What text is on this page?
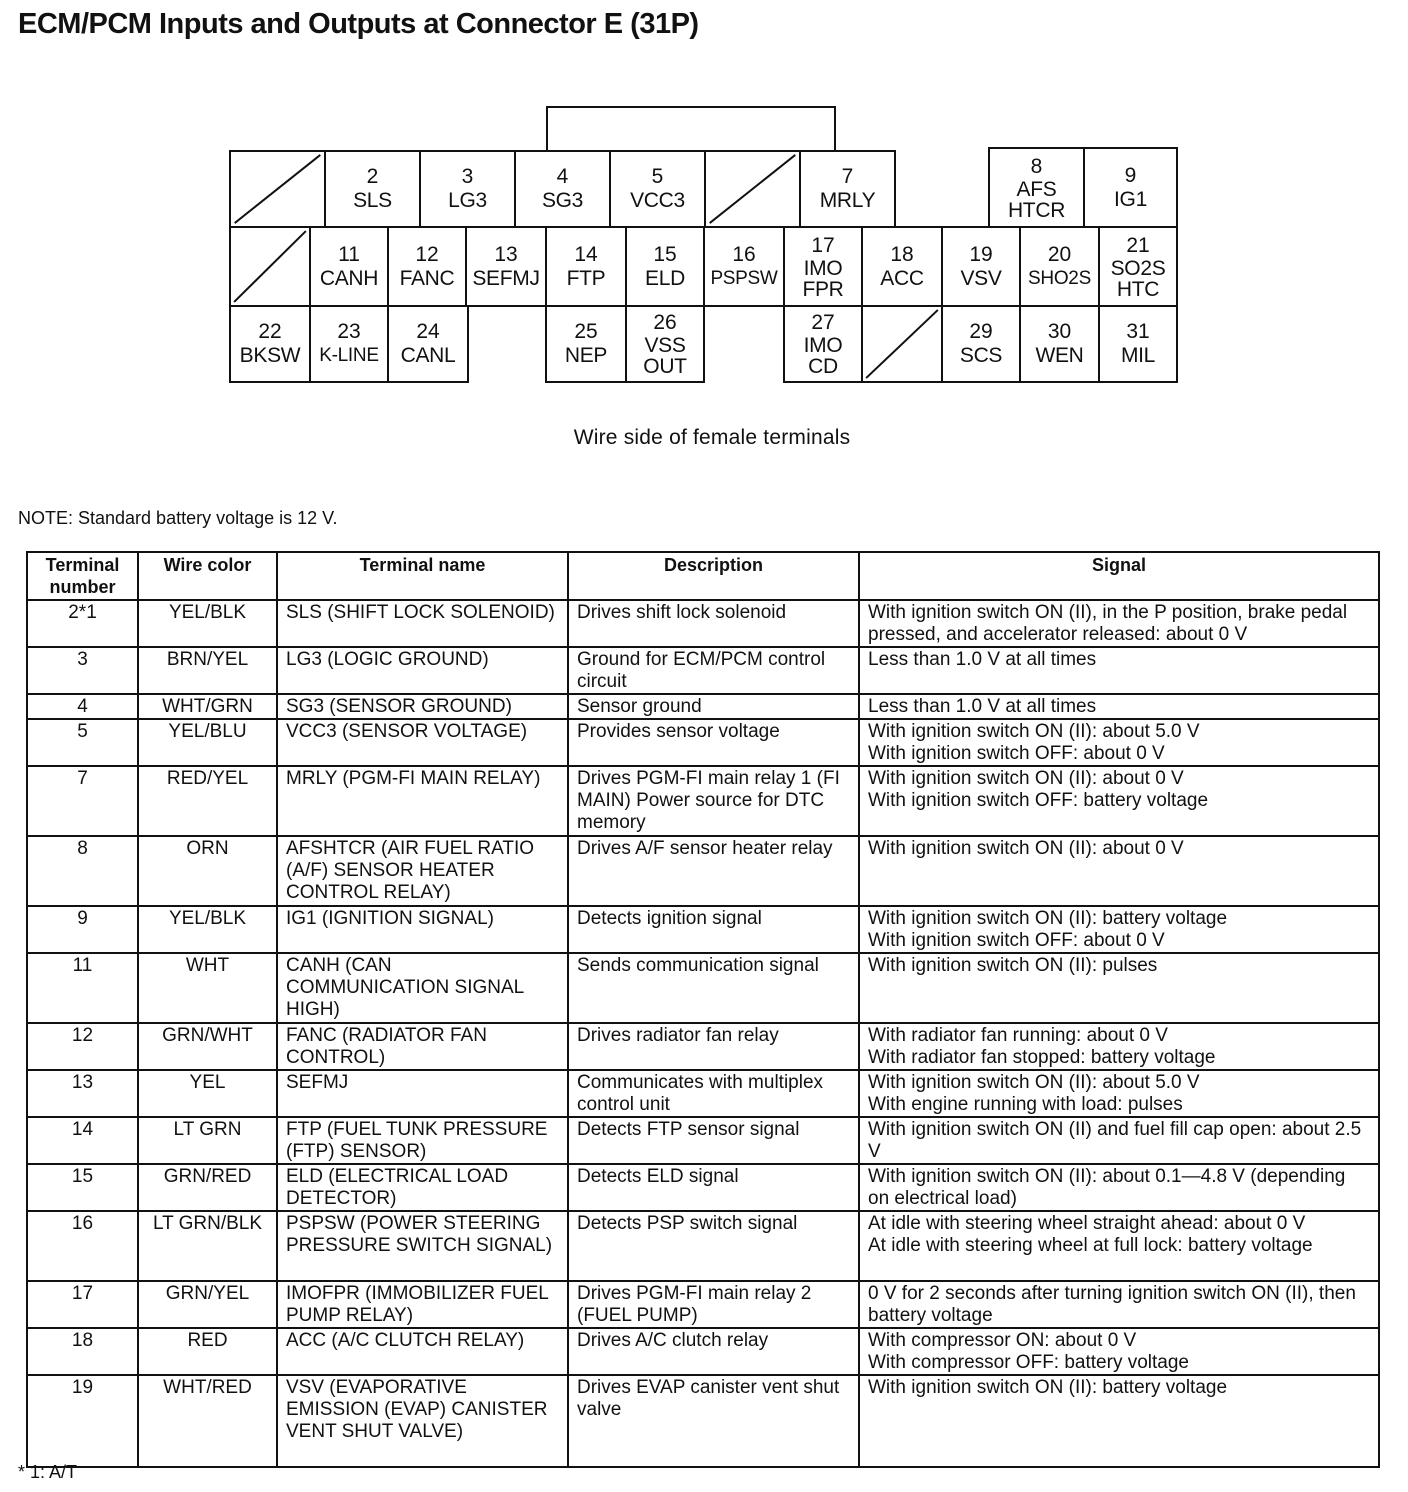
ECM/PCM Inputs and Outputs at Connector E (31P)
2
SLS
3
LG3
4
SG3
5
VCC3
7
MRLY
8
AFS
HTCR
9
IG1
11
CANH
12
FANC
13
SEFMJ
14
FTP
15
ELD
16
PSPSW
17
IMO
FPR
18
ACC
19
VSV
20
SHO2S
21
SO2S
HTC
22
BKSW
23
K-LINE
24
CANL
25
NEP
26
VSS
OUT
27
IMO
CD
29
SCS
30
WEN
31
MIL
Wire side of female terminals
NOTE: Standard battery voltage is 12 V.
Terminal number	Wire color	Terminal name	Description	Signal
2*1	YEL/BLK	SLS (SHIFT LOCK SOLENOID)	Drives shift lock solenoid	With ignition switch ON (II), in the P position, brake pedal pressed, and accelerator released: about 0 V
3	BRN/YEL	LG3 (LOGIC GROUND)	Ground for ECM/PCM control circuit	Less than 1.0 V at all times
4	WHT/GRN	SG3 (SENSOR GROUND)	Sensor ground	Less than 1.0 V at all times
5	YEL/BLU	VCC3 (SENSOR VOLTAGE)	Provides sensor voltage	With ignition switch ON (II): about 5.0 V
With ignition switch OFF: about 0 V
7	RED/YEL	MRLY (PGM-FI MAIN RELAY)	Drives PGM-FI main relay 1 (FI MAIN) Power source for DTC memory	With ignition switch ON (II): about 0 V
With ignition switch OFF: battery voltage
8	ORN	AFSHTCR (AIR FUEL RATIO (A/F) SENSOR HEATER CONTROL RELAY)	Drives A/F sensor heater relay	With ignition switch ON (II): about 0 V
9	YEL/BLK	IG1 (IGNITION SIGNAL)	Detects ignition signal	With ignition switch ON (II): battery voltage
With ignition switch OFF: about 0 V
11	WHT	CANH (CAN COMMUNICATION SIGNAL HIGH)	Sends communication signal	With ignition switch ON (II): pulses
12	GRN/WHT	FANC (RADIATOR FAN CONTROL)	Drives radiator fan relay	With radiator fan running: about 0 V
With radiator fan stopped: battery voltage
13	YEL	SEFMJ	Communicates with multiplex control unit	With ignition switch ON (II): about 5.0 V
With engine running with load: pulses
14	LT GRN	FTP (FUEL TUNK PRESSURE (FTP) SENSOR)	Detects FTP sensor signal	With ignition switch ON (II) and fuel fill cap open: about 2.5 V
15	GRN/RED	ELD (ELECTRICAL LOAD DETECTOR)	Detects ELD signal	With ignition switch ON (II): about 0.1—4.8 V (depending on electrical load)
16	LT GRN/BLK	PSPSW (POWER STEERING PRESSURE SWITCH SIGNAL)	Detects PSP switch signal	At idle with steering wheel straight ahead: about 0 V
At idle with steering wheel at full lock: battery voltage
17	GRN/YEL	IMOFPR (IMMOBILIZER FUEL PUMP RELAY)	Drives PGM-FI main relay 2 (FUEL PUMP)	0 V for 2 seconds after turning ignition switch ON (II), then battery voltage
18	RED	ACC (A/C CLUTCH RELAY)	Drives A/C clutch relay	With compressor ON: about 0 V
With compressor OFF: battery voltage
19	WHT/RED	VSV (EVAPORATIVE EMISSION (EVAP) CANISTER VENT SHUT VALVE)	Drives EVAP canister vent shut valve	With ignition switch ON (II): battery voltage
* 1: A/T
